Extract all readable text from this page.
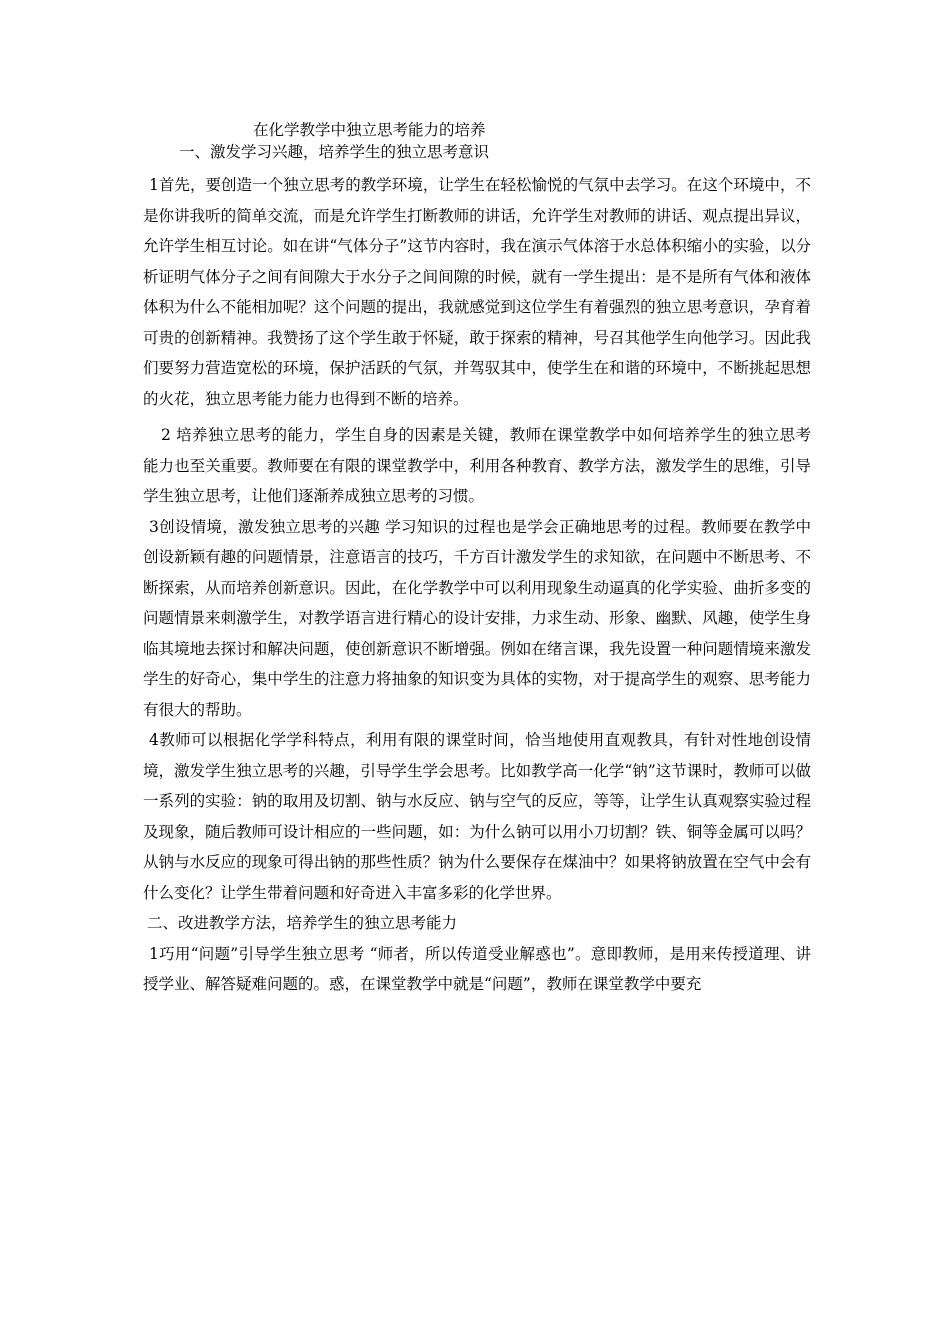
在化学教学中独立思考能力的培养

一、激发学习兴趣，培养学生的独立思考意识

1首先，要创造一个独立思考的教学环境，让学生在轻松愉悦的气氛中去学习。在这个环境中，不是你讲我听的简单交流，而是允许学生打断教师的讲话，允许学生对教师的讲话、观点提出异议，允许学生相互讨论。如在讲“气体分子”这节内容时，我在演示气体溶于水总体积缩小的实验，以分析证明气体分子之间有间隙大于水分子之间间隙的时候，就有一学生提出：是不是所有气体和液体体积为什么不能相加呢？这个问题的提出，我就感觉到这位学生有着强烈的独立思考意识，孕育着可贵的创新精神。我赞扬了这个学生敢于怀疑，敢于探索的精神，号召其他学生向他学习。因此我们要努力营造宽松的环境，保护活跃的气氛，并驾驭其中，使学生在和谐的环境中，不断挑起思想的火花，独立思考能力能力也得到不断的培养。

2 培养独立思考的能力，学生自身的因素是关键，教师在课堂教学中如何培养学生的独立思考能力也至关重要。教师要在有限的课堂教学中，利用各种教育、教学方法，激发学生的思维，引导学生独立思考，让他们逐渐养成独立思考的习惯。

3创设情境，激发独立思考的兴趣 学习知识的过程也是学会正确地思考的过程。教师要在教学中创设新颖有趣的问题情景，注意语言的技巧，千方百计激发学生的求知欲，在问题中不断思考、不断探索，从而培养创新意识。因此，在化学教学中可以利用现象生动逼真的化学实验、曲折多变的问题情景来刺激学生，对教学语言进行精心的设计安排，力求生动、形象、幽默、风趣，使学生身临其境地去探讨和解决问题，使创新意识不断增强。例如在绪言课，我先设置一种问题情境来激发学生的好奇心，集中学生的注意力将抽象的知识变为具体的实物，对于提高学生的观察、思考能力有很大的帮助。

4教师可以根据化学学科特点，利用有限的课堂时间，恰当地使用直观教具，有针对性地创设情境，激发学生独立思考的兴趣，引导学生学会思考。比如教学高一化学“钠”这节课时，教师可以做一系列的实验：钠的取用及切割、钠与水反应、钠与空气的反应，等等，让学生认真观察实验过程及现象，随后教师可设计相应的一些问题，如：为什么钠可以用小刀切割？铁、铜等金属可以吗？从钠与水反应的现象可得出钠的那些性质？钠为什么要保存在煤油中？如果将钠放置在空气中会有什么变化？让学生带着问题和好奇进入丰富多彩的化学世界。

二、改进教学方法，培养学生的独立思考能力

1巧用“问题”引导学生独立思考 “师者，所以传道受业解惑也”。意即教师，是用来传授道理、讲授学业、解答疑难问题的。惑，在课堂教学中就是“问题”，教师在课堂教学中要充
